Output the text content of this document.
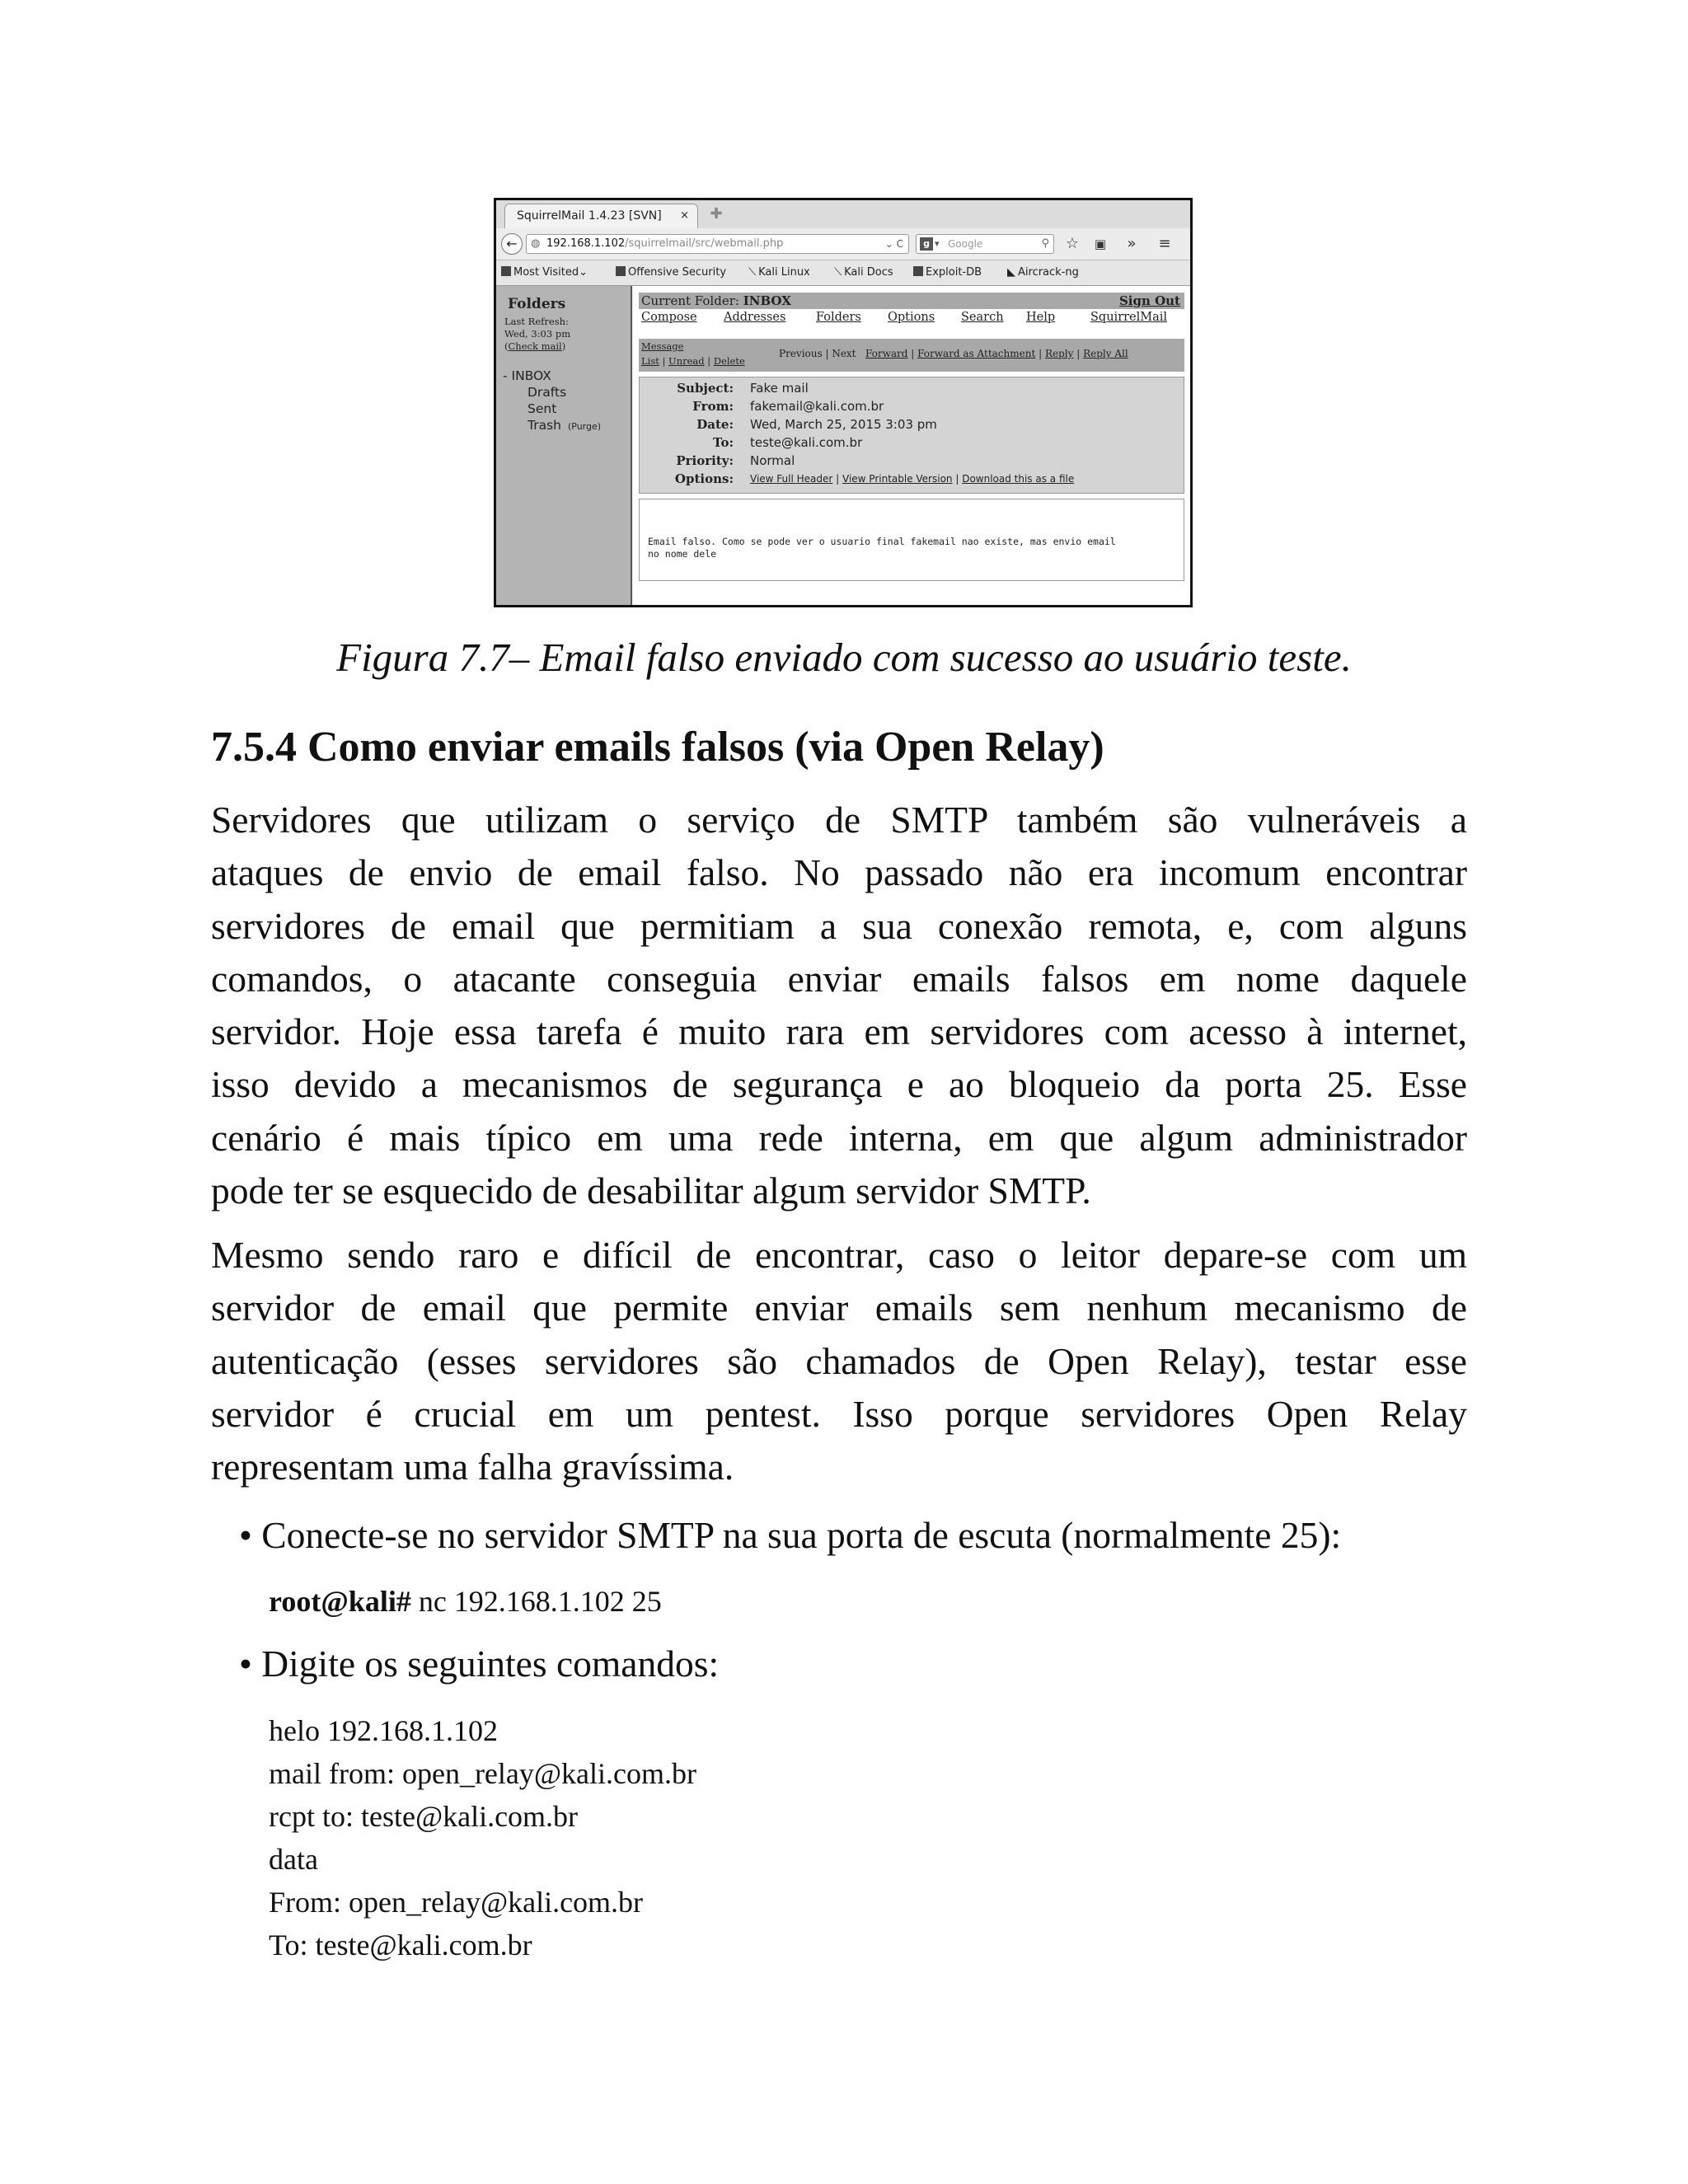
SquirrelMail 1.4.23 [SVN] × ✚
←	◍ 192.168.1.102/squirrelmail/src/webmail.php	⌄ C	g ▾ Google	⚲ ☆ ▣	»	≡
Most Visited⌄	Offensive Security ⟍ Kali Linux ⟍ Kali Docs	Exploit-DB ◣ Aircrack-ng
Folders
Last Refresh:
Wed, 3:03 pm
(Check mail)
- INBOX
Drafts
Sent
Trash (Purge)
Current Folder: INBOX	Sign Out
Compose Addresses	Folders Options Search Help	SquirrelMail
Message
List | Unread | Delete
Previous | Next Forward | Forward as Attachment | Reply | Reply All
Subject: Fake mail
From: fakemail@kali.com.br
Date: Wed, March 25, 2015 3:03 pm
To: teste@kali.com.br
Priority: Normal
Options: View Full Header | View Printable Version | Download this as a file
Email falso. Como se pode ver o usuario final fakemail nao existe, mas envio email
no nome dele
Figura 7.7– Email falso enviado com sucesso ao usuário teste.
7.5.4 Como enviar emails falsos (via Open Relay)
Servidores que utilizam o serviço de SMTP também são vulneráveis a
ataques de envio de email falso. No passado não era incomum encontrar
servidores de email que permitiam a sua conexão remota, e, com alguns
comandos, o atacante conseguia enviar emails falsos em nome daquele
servidor. Hoje essa tarefa é muito rara em servidores com acesso à internet,
isso devido a mecanismos de segurança e ao bloqueio da porta 25. Esse
cenário é mais típico em uma rede interna, em que algum administrador
pode ter se esquecido de desabilitar algum servidor SMTP.
Mesmo sendo raro e difícil de encontrar, caso o leitor depare-se com um
servidor de email que permite enviar emails sem nenhum mecanismo de
autenticação (esses servidores são chamados de Open Relay), testar esse
servidor é crucial em um pentest. Isso porque servidores Open Relay
representam uma falha gravíssima.
• Conecte-se no servidor SMTP na sua porta de escuta (normalmente 25):
root@kali# nc 192.168.1.102 25
• Digite os seguintes comandos:
helo 192.168.1.102
mail from: open_relay@kali.com.br
rcpt to: teste@kali.com.br
data
From: open_relay@kali.com.br
To: teste@kali.com.br
